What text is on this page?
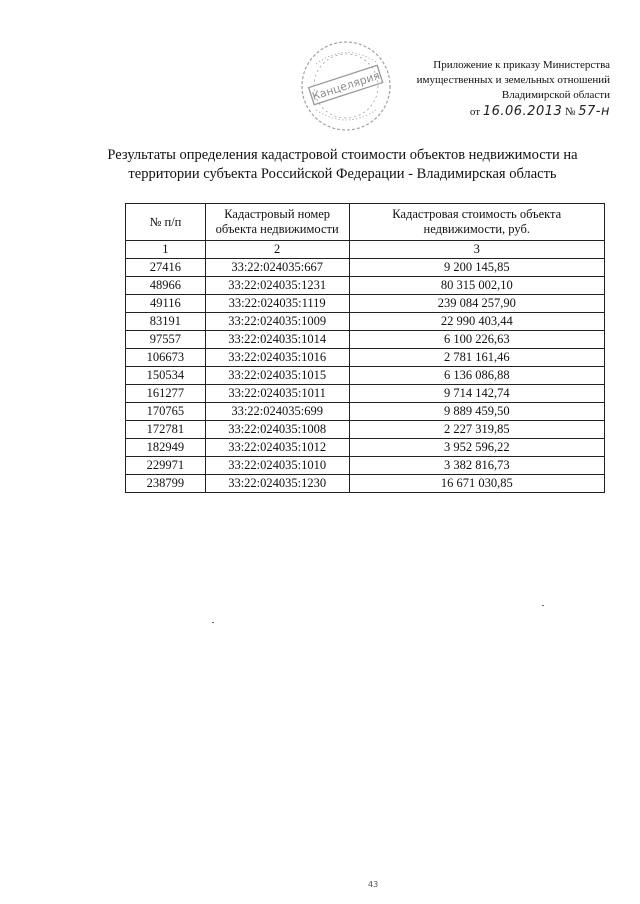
Канцелярия
Приложение к приказу Министерства
имущественных и земельных отношений
Владимирской области
от 16.06.2013 № 57-н
Результаты определения кадастровой стоимости объектов недвижимости на
территории субъекта Российской Федерации - Владимирская область
№ п/п	Кадастровый номер объекта недвижимости	Кадастровая стоимость объекта недвижимости, руб.
1	2	3
27416	33:22:024035:667	9 200 145,85
48966	33:22:024035:1231	80 315 002,10
49116	33:22:024035:1119	239 084 257,90
83191	33:22:024035:1009	22 990 403,44
97557	33:22:024035:1014	6 100 226,63
106673	33:22:024035:1016	2 781 161,46
150534	33:22:024035:1015	6 136 086,88
161277	33:22:024035:1011	9 714 142,74
170765	33:22:024035:699	9 889 459,50
172781	33:22:024035:1008	2 227 319,85
182949	33:22:024035:1012	3 952 596,22
229971	33:22:024035:1010	3 382 816,73
238799	33:22:024035:1230	16 671 030,85
43
